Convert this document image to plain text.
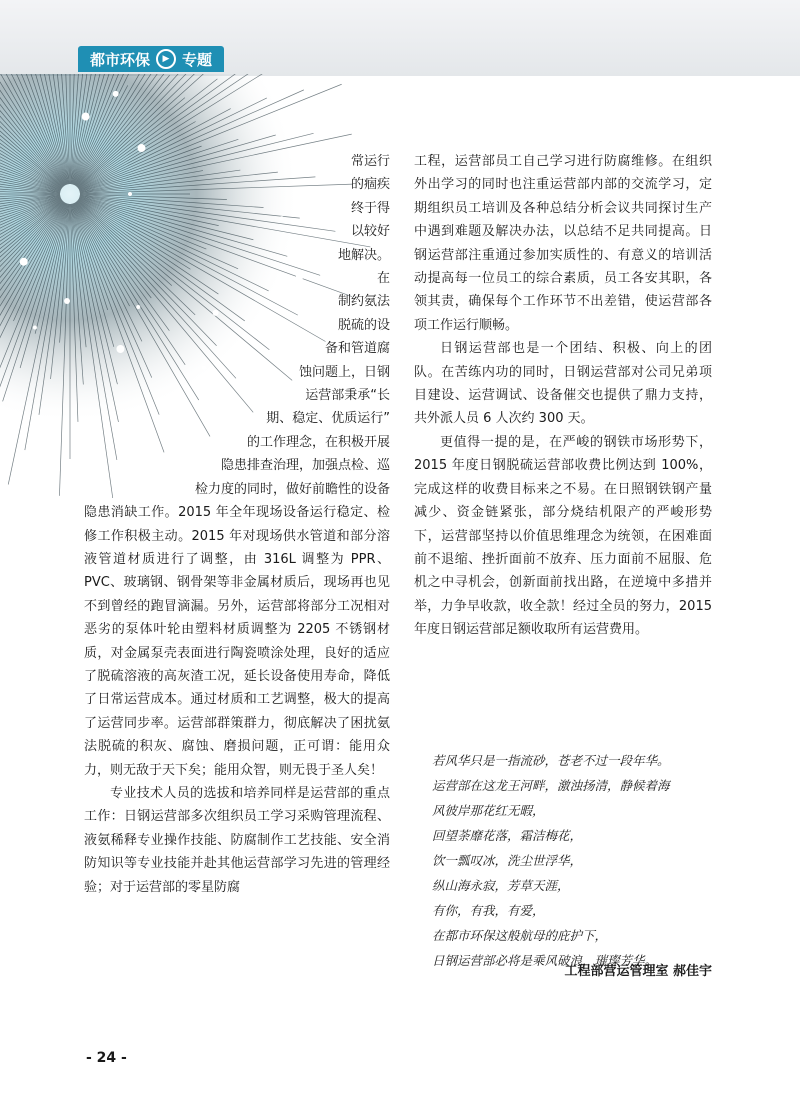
都市环保	▶ 专题

常运行

的痼疾

终于得

以较好

地解决。

在

制约氨法

脱硫的设

备和管道腐

蚀问题上，日钢

运营部秉承“长

期、稳定、优质运行”

的工作理念，在积极开展

隐患排查治理，加强点检、巡

检力度的同时，做好前瞻性的设备

隐患消缺工作。2015 年全年现场设备运行稳定、检修工作积极主动。2015 年对现场供水管道和部分溶液管道材质进行了调整，由 316L 调整为 PPR、PVC、玻璃钢、钢骨架等非金属材质后，现场再也见不到曾经的跑冒滴漏。另外，运营部将部分工况相对恶劣的泵体叶轮由塑料材质调整为 2205 不锈钢材质，对金属泵壳表面进行陶瓷喷涂处理，良好的适应了脱硫溶液的高灰渣工况，延长设备使用寿命，降低了日常运营成本。通过材质和工艺调整，极大的提高了运营同步率。运营部群策群力，彻底解决了困扰氨法脱硫的积灰、腐蚀、磨损问题，正可谓：能用众力，则无敌于天下矣；能用众智，则无畏于圣人矣！

专业技术人员的选拔和培养同样是运营部的重点工作：日钢运营部多次组织员工学习采购管理流程、液氨稀释专业操作技能、防腐制作工艺技能、安全消防知识等专业技能并赴其他运营部学习先进的管理经验；对于运营部的零星防腐

工程，运营部员工自己学习进行防腐维修。在组织外出学习的同时也注重运营部内部的交流学习，定期组织员工培训及各种总结分析会议共同探讨生产中遇到难题及解决办法，以总结不足共同提高。日钢运营部注重通过参加实质性的、有意义的培训活动提高每一位员工的综合素质，员工各安其职，各领其责，确保每个工作环节不出差错，使运营部各项工作运行顺畅。

日钢运营部也是一个团结、积极、向上的团队。在苦练内功的同时，日钢运营部对公司兄弟项目建设、运营调试、设备催交也提供了鼎力支持，共外派人员 6 人次约 300 天。

更值得一提的是，在严峻的钢铁市场形势下，2015 年度日钢脱硫运营部收费比例达到 100%，完成这样的收费目标来之不易。在日照钢铁钢产量减少、资金链紧张，部分烧结机限产的严峻形势下，运营部坚持以价值思维理念为统领，在困难面前不退缩、挫折面前不放弃、压力面前不屈服、危机之中寻机会，创新面前找出路，在逆境中多措并举，力争早收款，收全款！经过全员的努力，2015 年度日钢运营部足额收取所有运营费用。

若风华只是一指流砂，苍老不过一段年华。

运营部在这龙王河畔，激浊扬清，静候着海

风彼岸那花红无暇，

回望荼靡花落，霜洁梅花，

饮一瓢叹冰，洗尘世浮华，

纵山海永寂，芳草天涯，

有你，有我，有爱，

在都市环保这般航母的庇护下，

日钢运营部必将是乘风破浪，璀璨芳华。

工程部营运管理室 郝佳宇
- 24 -
